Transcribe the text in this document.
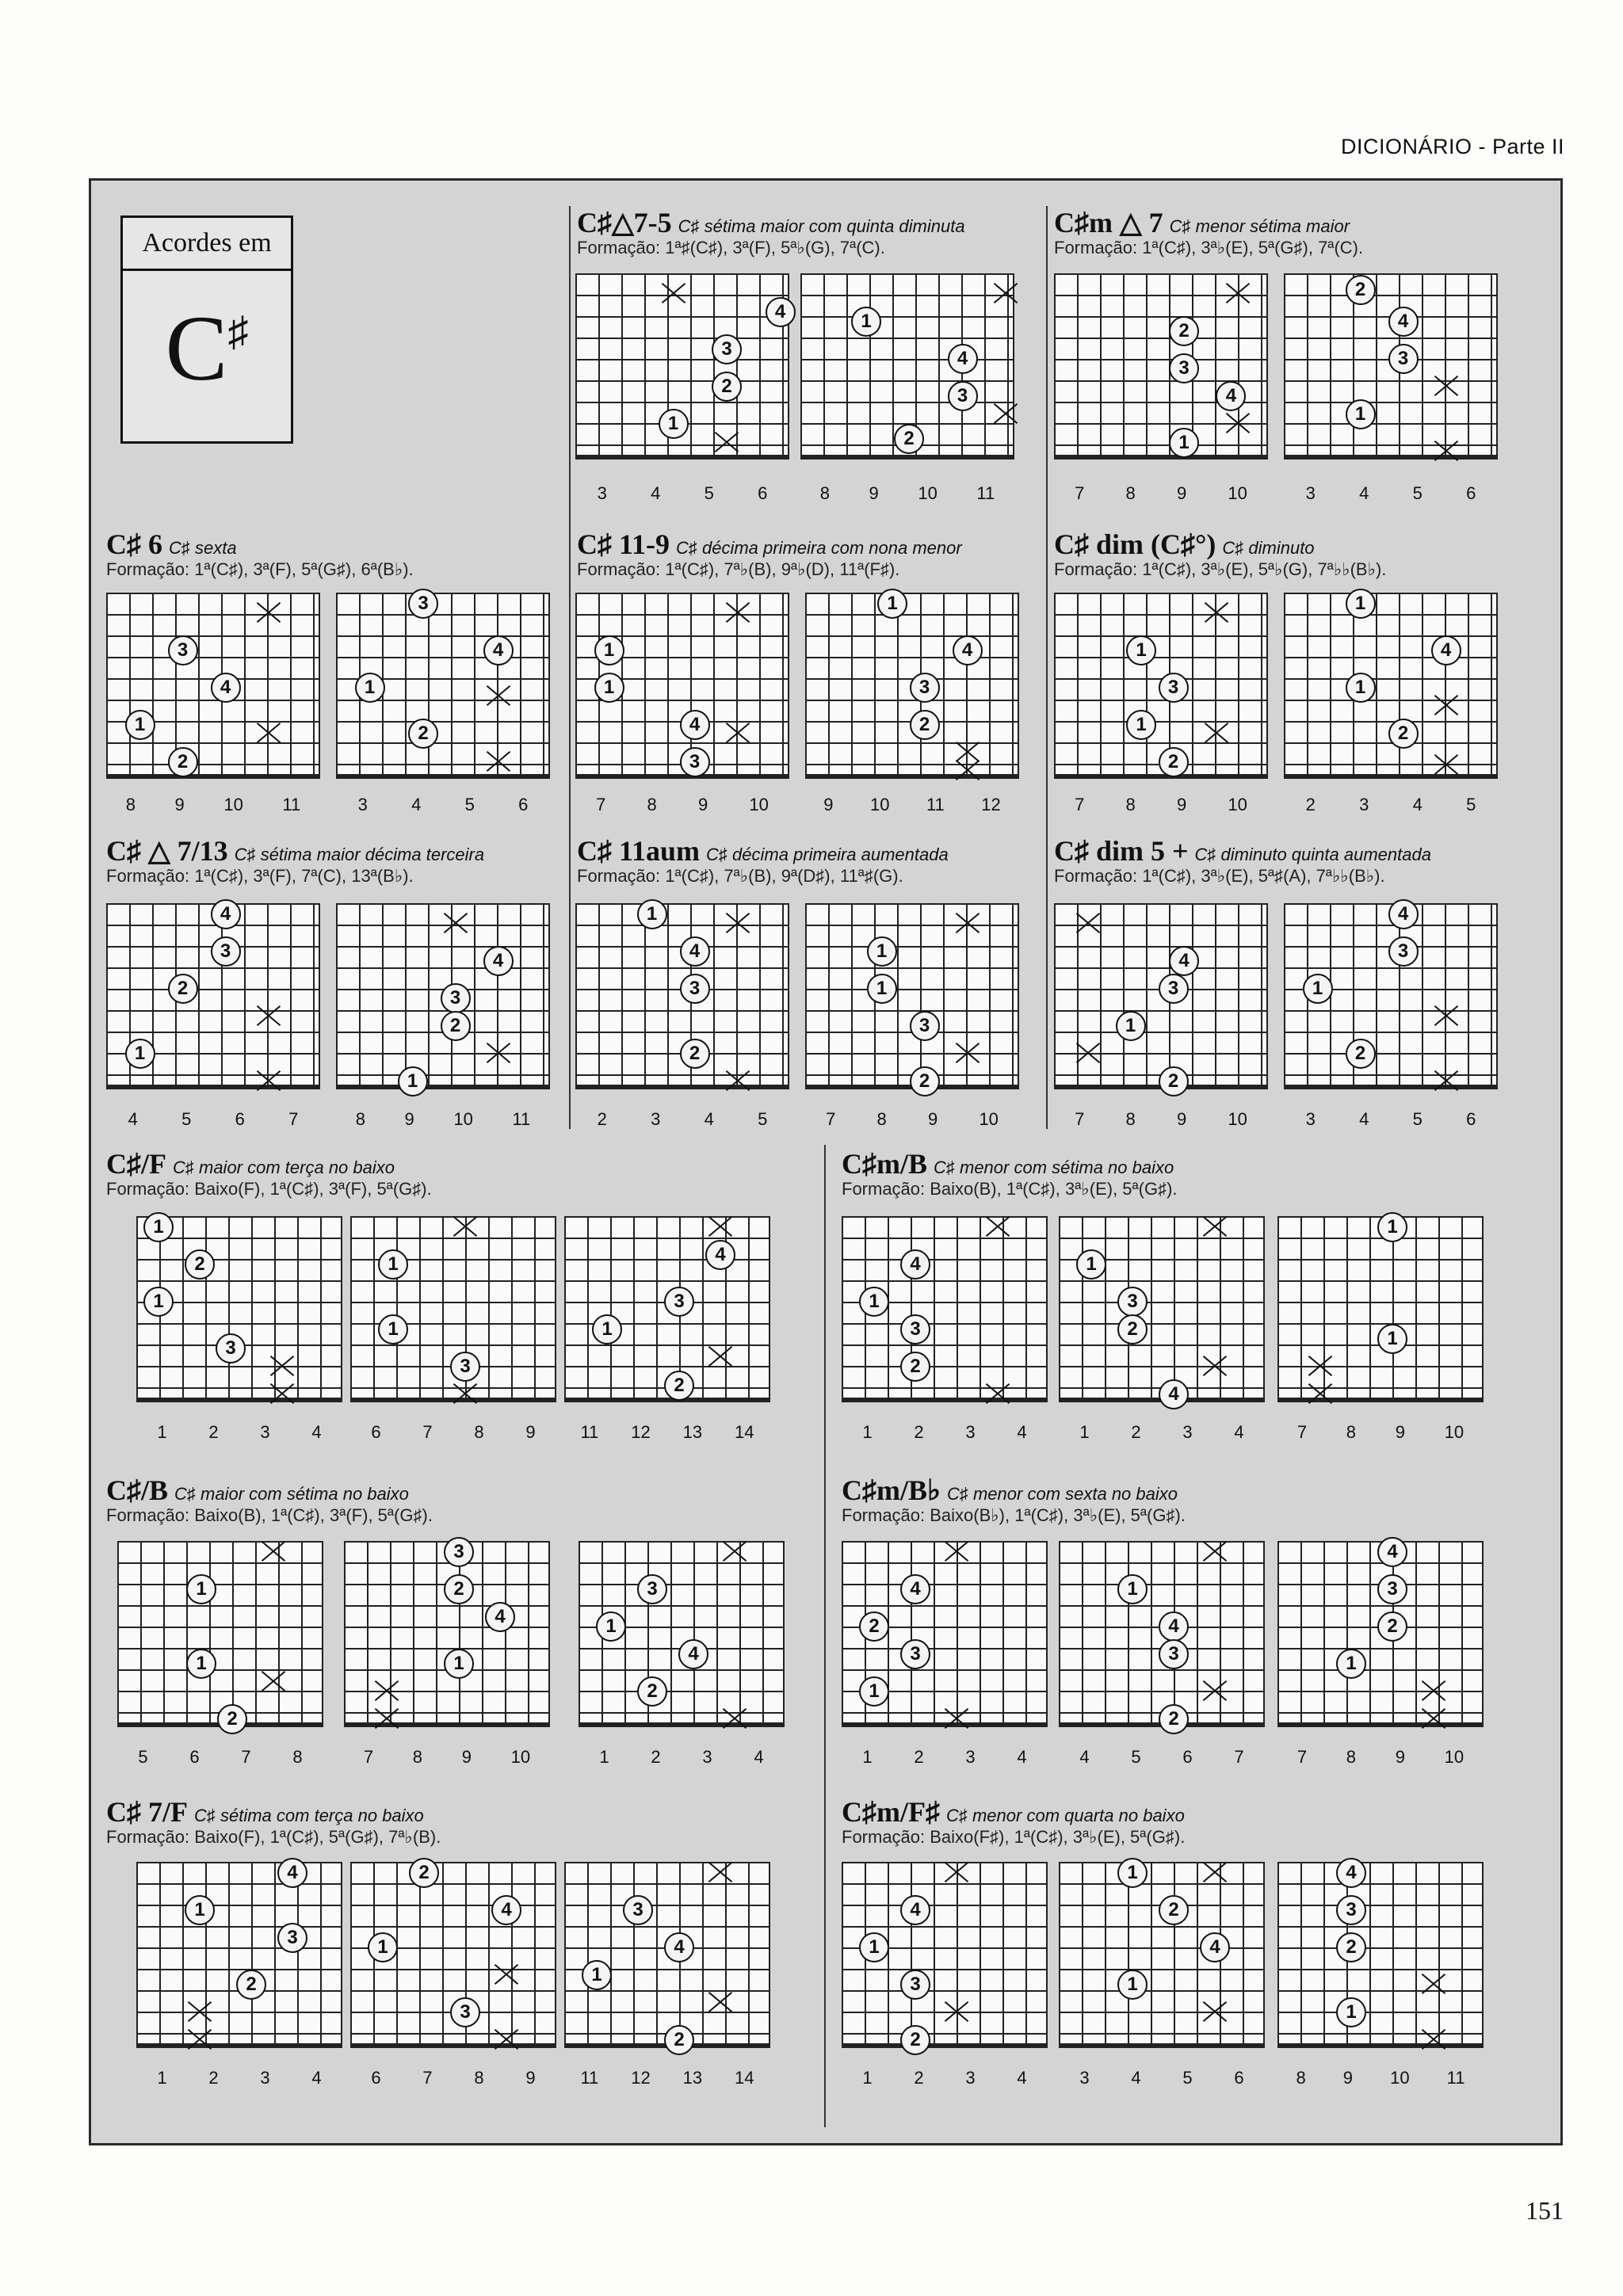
DICIONÁRIO - Parte II
Acordes em
C♯
C♯△7-5 C♯ sétima maior com quinta diminuta
Formação: 1ª♯(C♯), 3ª(F), 5ª♭(G), 7ª(C).
C♯m △ 7 C♯ menor sétima maior
Formação: 1ª(C♯), 3ª♭(E), 5ª(G♯), 7ª(C).
C♯ 6 C♯ sexta
Formação: 1ª(C♯), 3ª(F), 5ª(G♯), 6ª(B♭).
C♯ 11-9 C♯ décima primeira com nona menor
Formação: 1ª(C♯), 7ª♭(B), 9ª♭(D), 11ª(F♯).
C♯ dim (C♯°) C♯ diminuto
Formação: 1ª(C♯), 3ª♭(E), 5ª♭(G), 7ª♭♭(B♭).
C♯ △ 7/13 C♯ sétima maior décima terceira
Formação: 1ª(C♯), 3ª(F), 7ª(C), 13ª(B♭).
C♯ 11aum C♯ décima primeira aumentada
Formação: 1ª(C♯), 7ª♭(B), 9ª(D♯), 11ª♯(G).
C♯ dim 5 + C♯ diminuto quinta aumentada
Formação: 1ª(C♯), 3ª♭(E), 5ª♯(A), 7ª♭♭(B♭).
C♯/F C♯ maior com terça no baixo
Formação: Baixo(F), 1ª(C♯), 3ª(F), 5ª(G♯).
C♯m/B C♯ menor com sétima no baixo
Formação: Baixo(B), 1ª(C♯), 3ª♭(E), 5ª(G♯).
C♯/B C♯ maior com sétima no baixo
Formação: Baixo(B), 1ª(C♯), 3ª(F), 5ª(G♯).
C♯m/B♭ C♯ menor com sexta no baixo
Formação: Baixo(B♭), 1ª(C♯), 3ª♭(E), 5ª(G♯).
C♯ 7/F C♯ sétima com terça no baixo
Formação: Baixo(F), 1ª(C♯), 5ª(G♯), 7ª♭(B).
C♯m/F♯ C♯ menor com quarta no baixo
Formação: Baixo(F♯), 1ª(C♯), 3ª♭(E), 5ª(G♯).
151
4
3
2
1
3	4	5	6
1
4
3
2
8 9 10 11
2
3
4
1
7 8 9 10
2
4
3
1
3	4	5	6
3
4
1
2
8 9 10 11
3
4
1
2
3	4	5	6
1
1
4
3
7 8 9 10
1
4
3
2
9 10 11 12
1
3
1
2
7 8 9 10
1
4
1
2
2	3	4	5
4
3
2
1
4	5	6	7
3
2
4
1
8 9 10 11
1
4
3
2
2	3	4	5
1
1
3
2
7 8 9 10
4
3
1
2
7 8 9 10
4
3
1
2
3	4	5	6
1
2
1
3
1 2 3 4
1
1
3
6 7 8 9
4
3
1
2
11 12 13 14
4
1
3
2
1 2 3 4
1
3
2
4
1 2 3 4
1
1
7 8 9 10
1
1
2
5 6 7 8
3
2
4
1
7 8 9 10
3
1
4
2
1 2 3 4
4
2
3
1
1 2 3 4
1
4
3
2
4 5 6 7
4
3
2
1
7 8 9 10
4
1
3
2
1 2 3 4
2
4
1
3
6 7 8 9
3
4
1
2
11 12 13 14
1
4
3
2
1 2 3 4
1
2
4
1
3 4 5 6
4
3
2
1
8 9 10 11
